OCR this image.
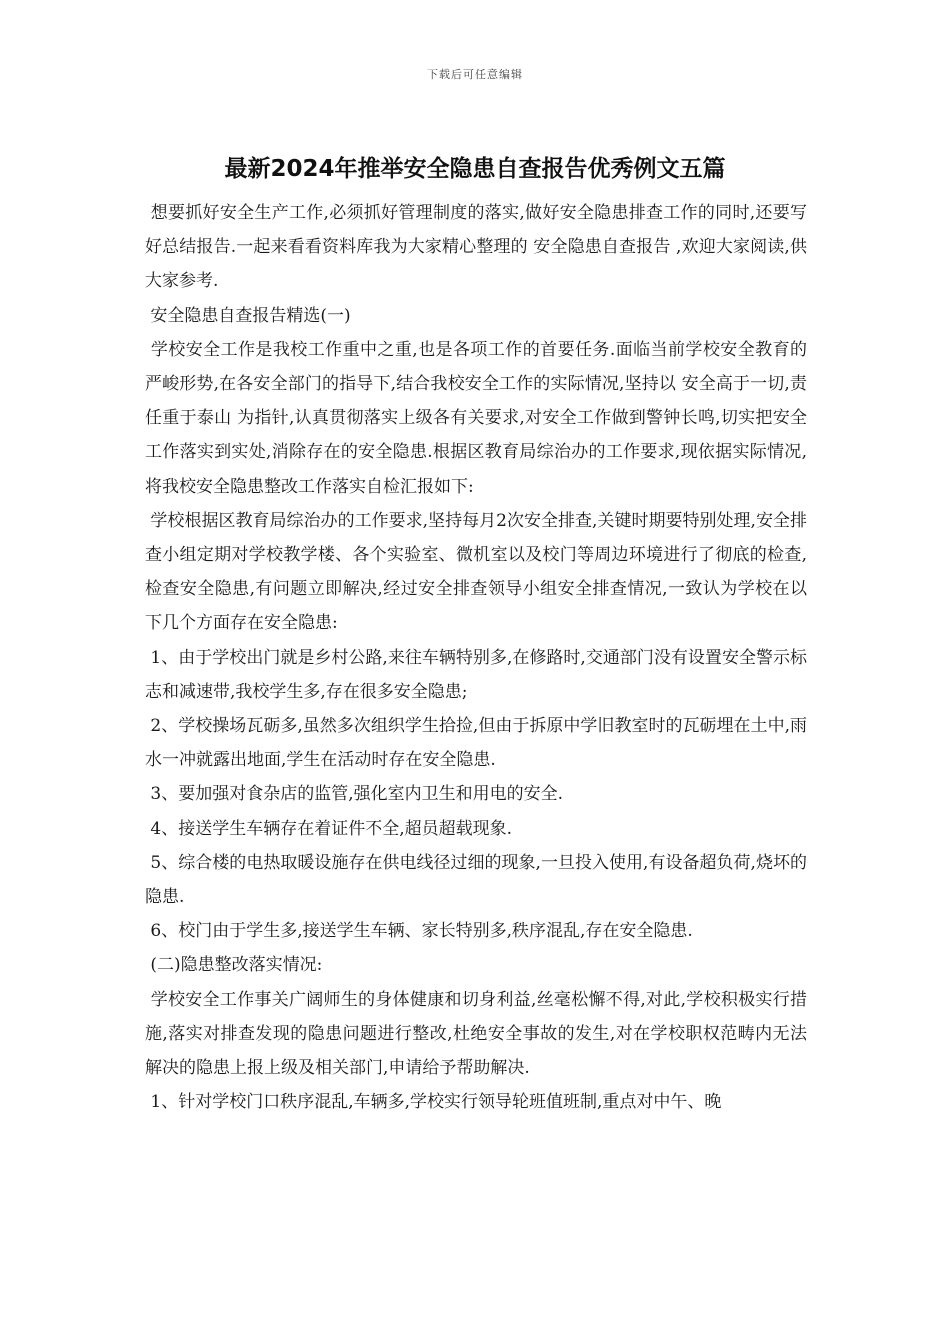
下载后可任意编辑
最新2024年推举安全隐患自查报告优秀例文五篇

想要抓好安全生产工作,必须抓好管理制度的落实,做好安全隐患排查工作的同时,还要写好总结报告.一起来看看资料库我为大家精心整理的 安全隐患自查报告 ,欢迎大家阅读,供大家参考.

安全隐患自查报告精选(一)

学校安全工作是我校工作重中之重,也是各项工作的首要任务.面临当前学校安全教育的严峻形势,在各安全部门的指导下,结合我校安全工作的实际情况,坚持以 安全高于一切,责任重于泰山 为指针,认真贯彻落实上级各有关要求,对安全工作做到警钟长鸣,切实把安全工作落实到实处,消除存在的安全隐患.根据区教育局综治办的工作要求,现依据实际情况,将我校安全隐患整改工作落实自检汇报如下:

学校根据区教育局综治办的工作要求,坚持每月2次安全排查,关键时期要特别处理,安全排查小组定期对学校教学楼、各个实验室、微机室以及校门等周边环境进行了彻底的检查,检查安全隐患,有问题立即解决,经过安全排查领导小组安全排查情况,一致认为学校在以下几个方面存在安全隐患:

1、由于学校出门就是乡村公路,来往车辆特别多,在修路时,交通部门没有设置安全警示标志和减速带,我校学生多,存在很多安全隐患;

2、学校操场瓦砺多,虽然多次组织学生拾捡,但由于拆原中学旧教室时的瓦砺埋在土中,雨水一冲就露出地面,学生在活动时存在安全隐患.

3、要加强对食杂店的监管,强化室内卫生和用电的安全.

4、接送学生车辆存在着证件不全,超员超载现象.

5、综合楼的电热取暖设施存在供电线径过细的现象,一旦投入使用,有设备超负荷,烧坏的隐患.

6、校门由于学生多,接送学生车辆、家长特别多,秩序混乱,存在安全隐患.

(二)隐患整改落实情况:

学校安全工作事关广阔师生的身体健康和切身利益,丝毫松懈不得,对此,学校积极实行措施,落实对排查发现的隐患问题进行整改,杜绝安全事故的发生,对在学校职权范畴内无法解决的隐患上报上级及相关部门,申请给予帮助解决.

1、针对学校门口秩序混乱,车辆多,学校实行领导轮班值班制,重点对中午、晚
